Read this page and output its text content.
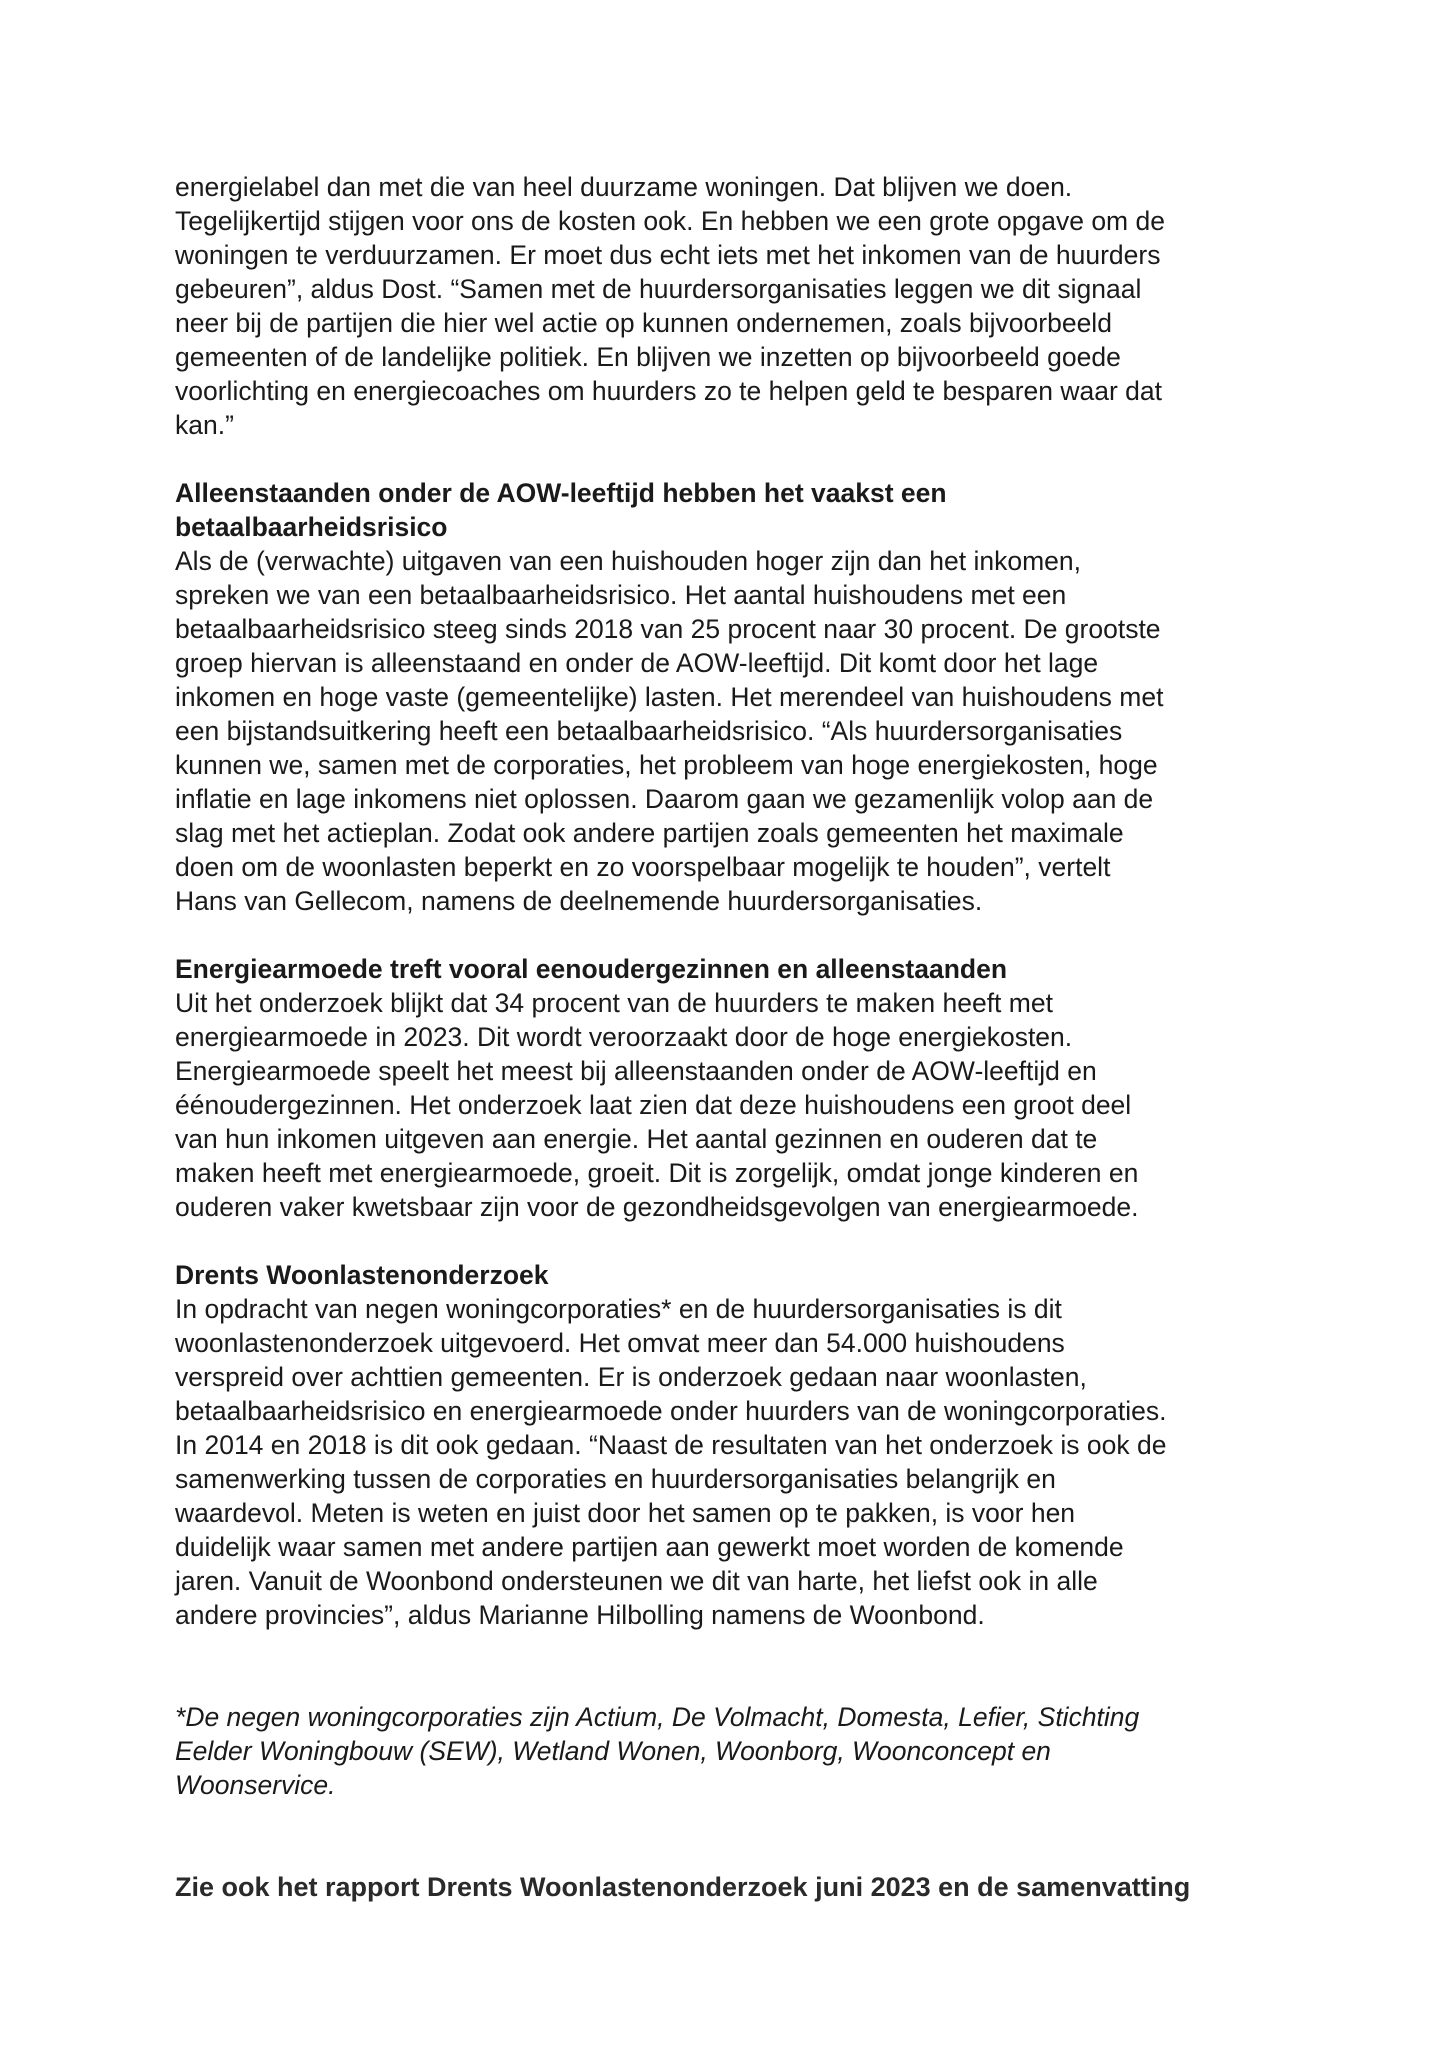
energielabel dan met die van heel duurzame woningen. Dat blijven we doen.
Tegelijkertijd stijgen voor ons de kosten ook. En hebben we een grote opgave om de
woningen te verduurzamen. Er moet dus echt iets met het inkomen van de huurders
gebeuren”, aldus Dost. “Samen met de huurdersorganisaties leggen we dit signaal
neer bij de partijen die hier wel actie op kunnen ondernemen, zoals bijvoorbeeld
gemeenten of de landelijke politiek. En blijven we inzetten op bijvoorbeeld goede
voorlichting en energiecoaches om huurders zo te helpen geld te besparen waar dat
kan.”

Alleenstaanden onder de AOW-leeftijd hebben het vaakst een
betaalbaarheidsrisico

Als de (verwachte) uitgaven van een huishouden hoger zijn dan het inkomen,
spreken we van een betaalbaarheidsrisico. Het aantal huishoudens met een
betaalbaarheidsrisico steeg sinds 2018 van 25 procent naar 30 procent. De grootste
groep hiervan is alleenstaand en onder de AOW-leeftijd. Dit komt door het lage
inkomen en hoge vaste (gemeentelijke) lasten. Het merendeel van huishoudens met
een bijstandsuitkering heeft een betaalbaarheidsrisico. “Als huurdersorganisaties
kunnen we, samen met de corporaties, het probleem van hoge energiekosten, hoge
inflatie en lage inkomens niet oplossen. Daarom gaan we gezamenlijk volop aan de
slag met het actieplan. Zodat ook andere partijen zoals gemeenten het maximale
doen om de woonlasten beperkt en zo voorspelbaar mogelijk te houden”, vertelt
Hans van Gellecom, namens de deelnemende huurdersorganisaties.

Energiearmoede treft vooral eenoudergezinnen en alleenstaanden

Uit het onderzoek blijkt dat 34 procent van de huurders te maken heeft met
energiearmoede in 2023. Dit wordt veroorzaakt door de hoge energiekosten.
Energiearmoede speelt het meest bij alleenstaanden onder de AOW-leeftijd en
éénoudergezinnen. Het onderzoek laat zien dat deze huishoudens een groot deel
van hun inkomen uitgeven aan energie. Het aantal gezinnen en ouderen dat te
maken heeft met energiearmoede, groeit. Dit is zorgelijk, omdat jonge kinderen en
ouderen vaker kwetsbaar zijn voor de gezondheidsgevolgen van energiearmoede.

Drents Woonlastenonderzoek

In opdracht van negen woningcorporaties* en de huurdersorganisaties is dit
woonlastenonderzoek uitgevoerd. Het omvat meer dan 54.000 huishoudens
verspreid over achttien gemeenten. Er is onderzoek gedaan naar woonlasten,
betaalbaarheidsrisico en energiearmoede onder huurders van de woningcorporaties.
In 2014 en 2018 is dit ook gedaan. “Naast de resultaten van het onderzoek is ook de
samenwerking tussen de corporaties en huurdersorganisaties belangrijk en
waardevol. Meten is weten en juist door het samen op te pakken, is voor hen
duidelijk waar samen met andere partijen aan gewerkt moet worden de komende
jaren. Vanuit de Woonbond ondersteunen we dit van harte, het liefst ook in alle
andere provincies”, aldus Marianne Hilbolling namens de Woonbond.

*De negen woningcorporaties zijn Actium, De Volmacht, Domesta, Lefier, Stichting
Eelder Woningbouw (SEW), Wetland Wonen, Woonborg, Woonconcept en
Woonservice.

Zie ook het rapport Drents Woonlastenonderzoek juni 2023 en de samenvatting
